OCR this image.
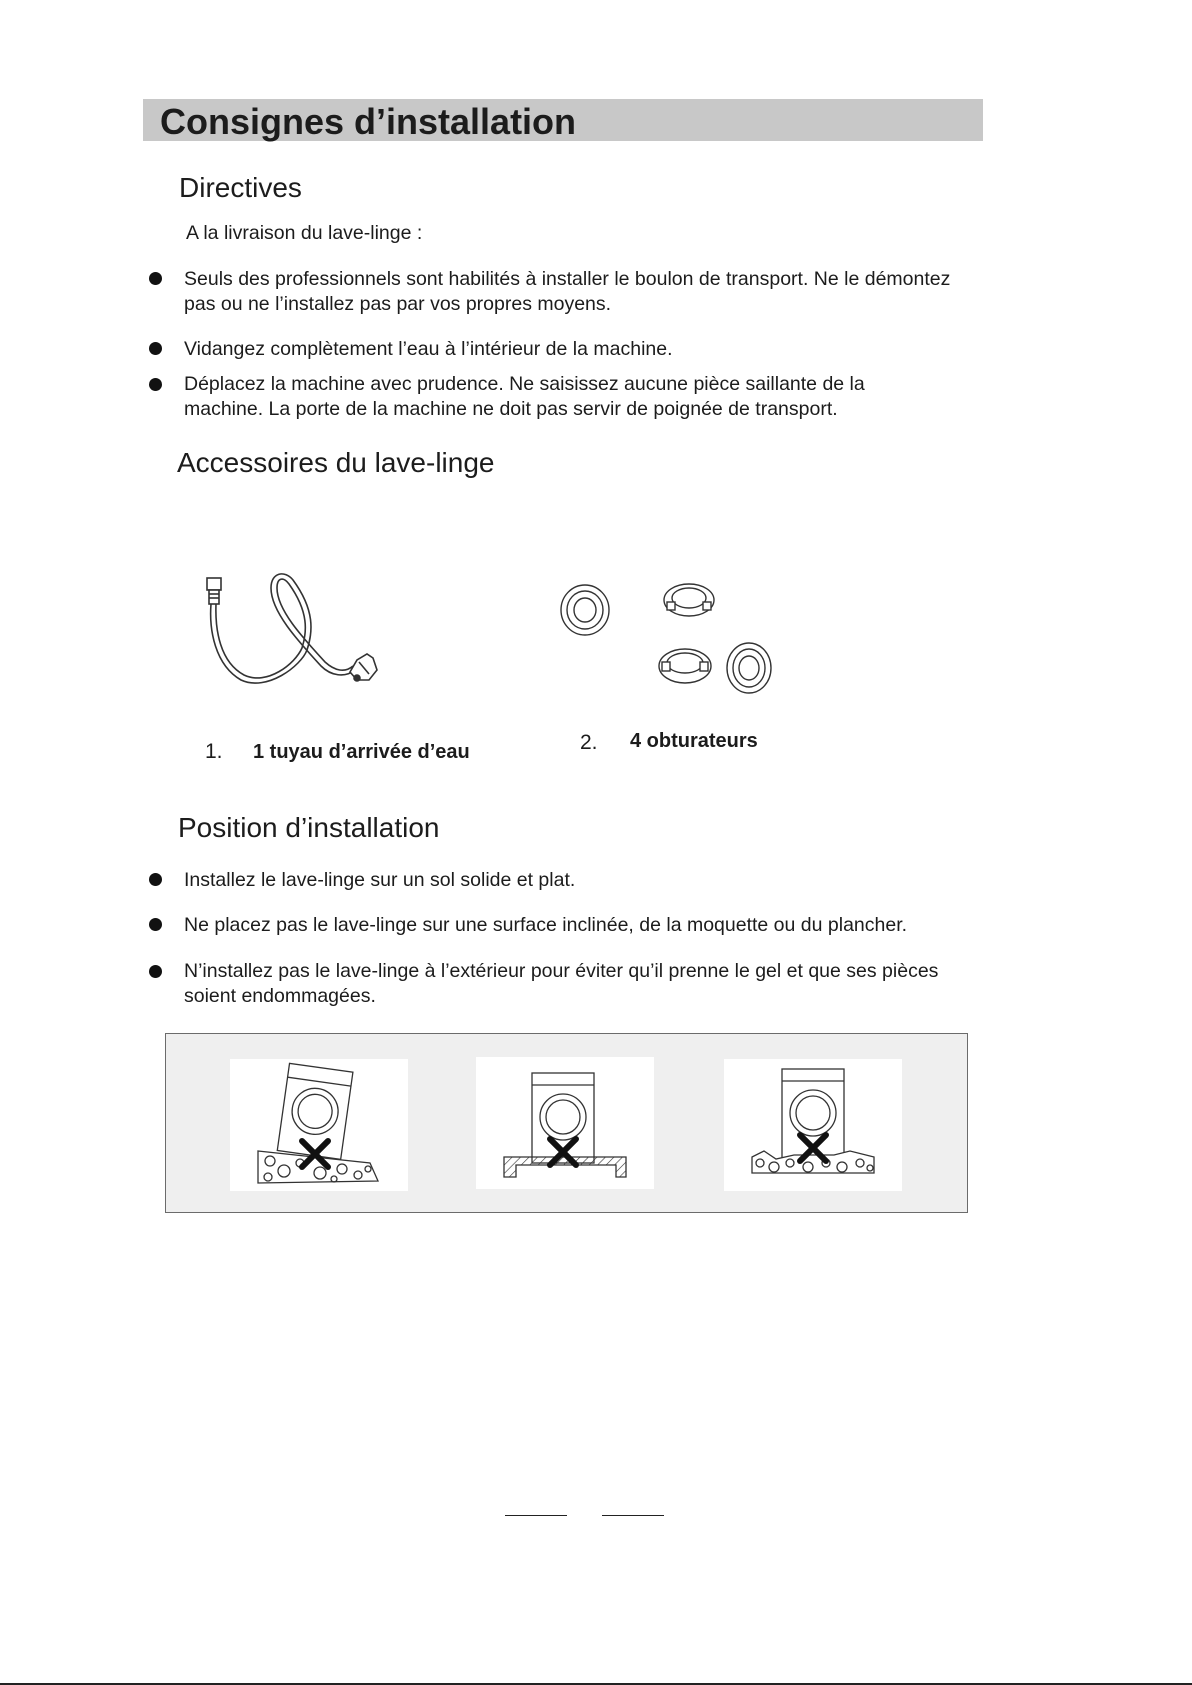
Consignes d’installation
Directives
A la livraison du lave-linge :
Seuls des professionnels sont habilités à installer le boulon de transport. Ne le démontez pas ou ne l’installez pas par vos propres moyens.
Vidangez complètement l’eau à l’intérieur de la machine.
Déplacez la machine avec prudence. Ne saisissez aucune pièce saillante de la machine. La porte de la machine ne doit pas servir de poignée de transport.
Accessoires du lave-linge
1. 1 tuyau d’arrivée d’eau	2. 4 obturateurs
Position d’installation
Installez le lave-linge sur un sol solide et plat.
Ne placez pas le lave-linge sur une surface inclinée, de la moquette ou du plancher.
N’installez pas le lave-linge à l’extérieur pour éviter qu’il prenne le gel et que ses pièces soient endommagées.
